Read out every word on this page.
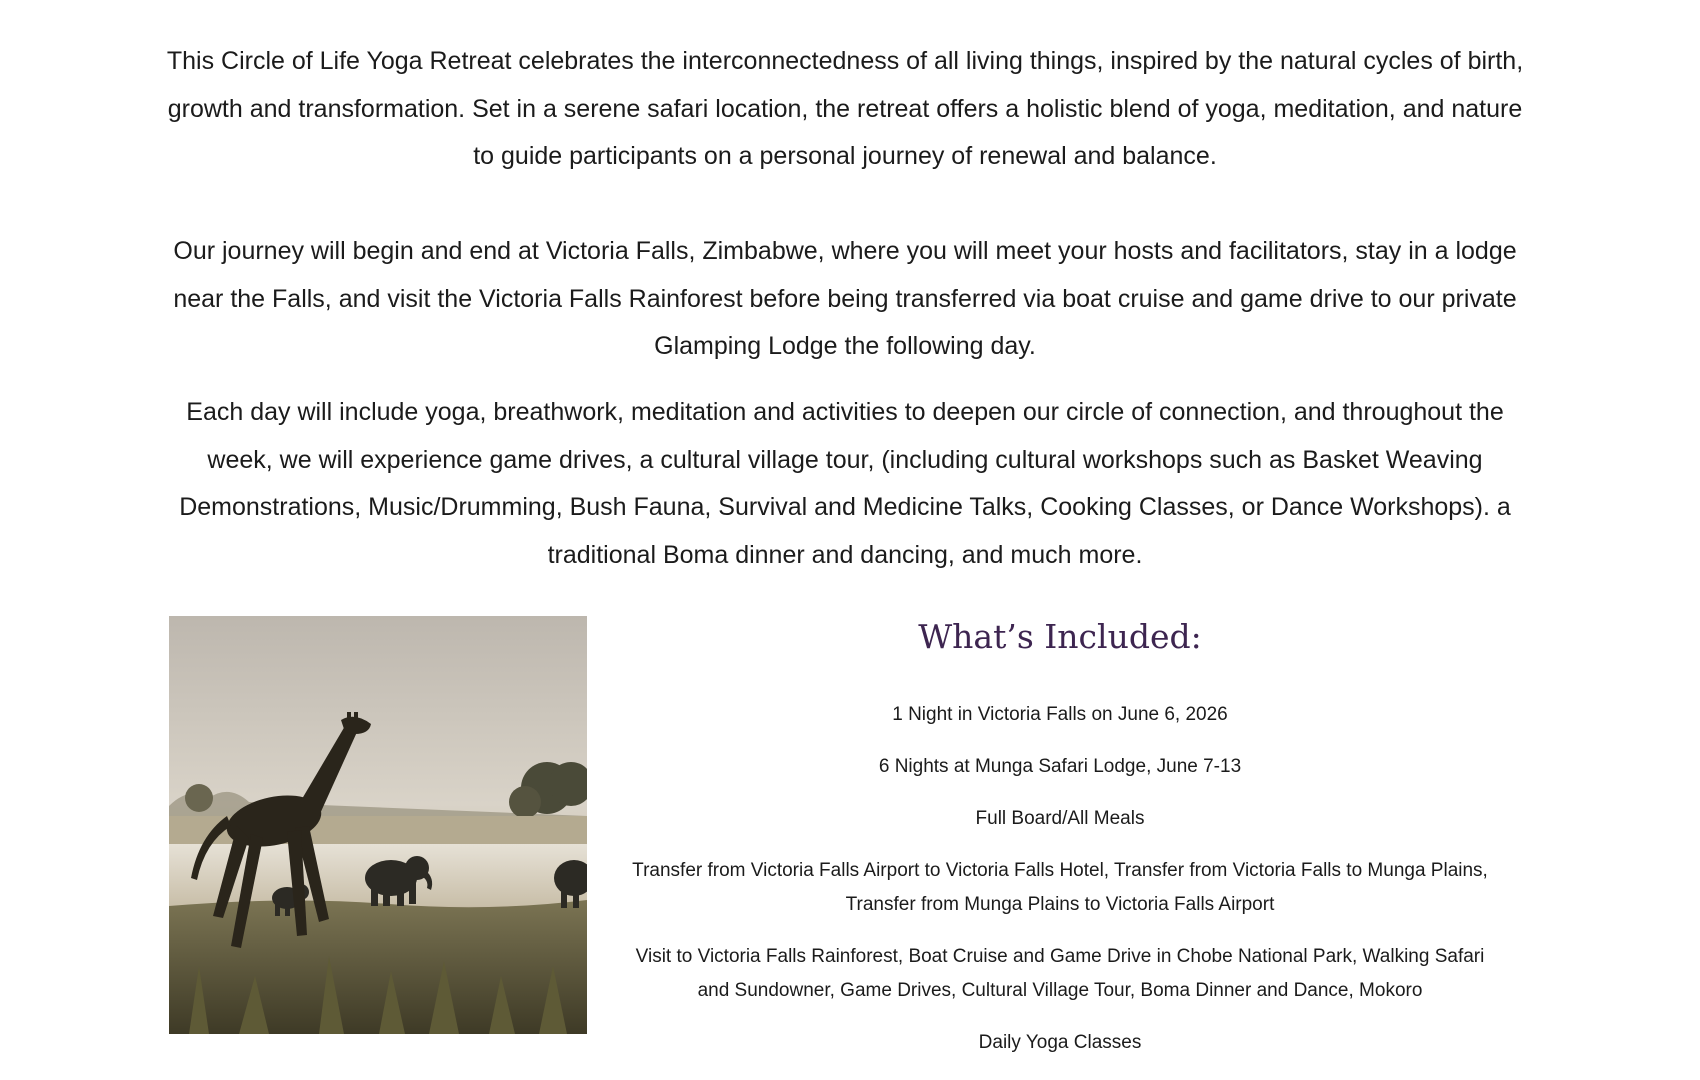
This Circle of Life Yoga Retreat celebrates the interconnectedness of all living things, inspired by the natural cycles of birth, growth and transformation. Set in a serene safari location, the retreat offers a holistic blend of yoga, meditation, and nature to guide participants on a personal journey of renewal and balance.

Our journey will begin and end at Victoria Falls, Zimbabwe, where you will meet your hosts and facilitators, stay in a lodge near the Falls, and visit the Victoria Falls Rainforest before being transferred via boat cruise and game drive to our private Glamping Lodge the following day.

Each day will include yoga, breathwork, meditation and activities to deepen our circle of connection, and throughout the week, we will experience game drives, a cultural village tour, (including cultural workshops such as Basket Weaving Demonstrations, Music/Drumming, Bush Fauna, Survival and Medicine Talks, Cooking Classes, or Dance Workshops). a traditional Boma dinner and dancing, and much more.

What’s Included:
1 Night in Victoria Falls on June 6, 2026
6 Nights at Munga Safari Lodge, June 7-13
Full Board/All Meals
Transfer from Victoria Falls Airport to Victoria Falls Hotel, Transfer from Victoria Falls to Munga Plains, Transfer from Munga Plains to Victoria Falls Airport
Visit to Victoria Falls Rainforest, Boat Cruise and Game Drive in Chobe National Park, Walking Safari and Sundowner, Game Drives, Cultural Village Tour, Boma Dinner and Dance, Mokoro
Daily Yoga Classes
